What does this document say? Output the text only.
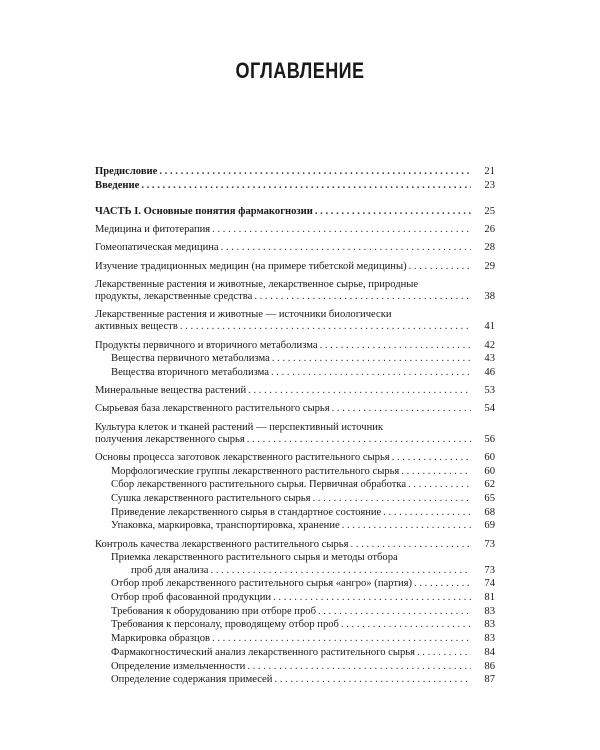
ОГЛАВЛЕНИЕ
Предисловие . . .	21
Введение . . .	23
ЧАСТЬ I. Основные понятия фармакогнозии . . .	25
Медицина и фитотерапия . . .	26
Гомеопатическая медицина . . .	28
Изучение традиционных медицин (на примере тибетской медицины) . . .	29
Лекарственные растения и животные, лекарственное сырье, природные
продукты, лекарственные средства . . .	38
Лекарственные растения и животные — источники биологически
активных веществ . . .	41
Продукты первичного и вторичного метаболизма . . .	42
Вещества первичного метаболизма . . .	43
Вещества вторичного метаболизма . . .	46
Минеральные вещества растений . . .	53
Сырьевая база лекарственного растительного сырья . . .	54
Культура клеток и тканей растений — перспективный источник
получения лекарственного сырья . . .	56
Основы процесса заготовок лекарственного растительного сырья . . .	60
Морфологические группы лекарственного растительного сырья . . .	60
Сбор лекарственного растительного сырья. Первичная обработка . . .	62
Сушка лекарственного растительного сырья . . .	65
Приведение лекарственного сырья в стандартное состояние . . .	68
Упаковка, маркировка, транспортировка, хранение . . .	69
Контроль качества лекарственного растительного сырья . . .	73
Приемка лекарственного растительного сырья и методы отбора
проб для анализа . . .	73
Отбор проб лекарственного растительного сырья «ангро» (партия) . . .	74
Отбор проб фасованной продукции . . .	81
Требования к оборудованию при отборе проб . . .	83
Требования к персоналу, проводящему отбор проб . . .	83
Маркировка образцов . . .	83
Фармакогностический анализ лекарственного растительного сырья . . .	84
Определение измельченности . . .	86
Определение содержания примесей . . .	87
